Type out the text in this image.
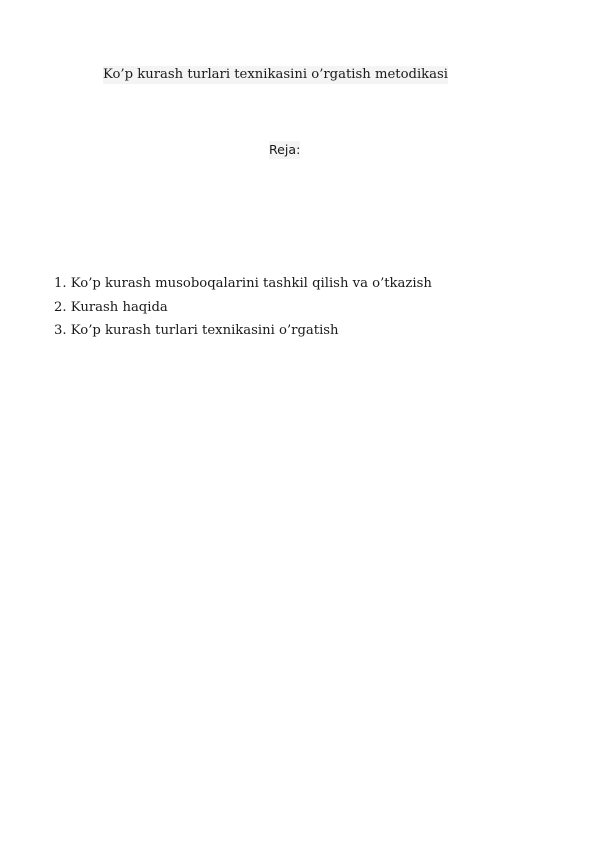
Ko’p kurash turlari texnikasini o’rgatish metodikasi
Reja:
1. Ko’p kurash musoboqalarini tashkil qilish va o’tkazish
2. Kurash haqida
3. Ko’p kurash turlari texnikasini o’rgatish
